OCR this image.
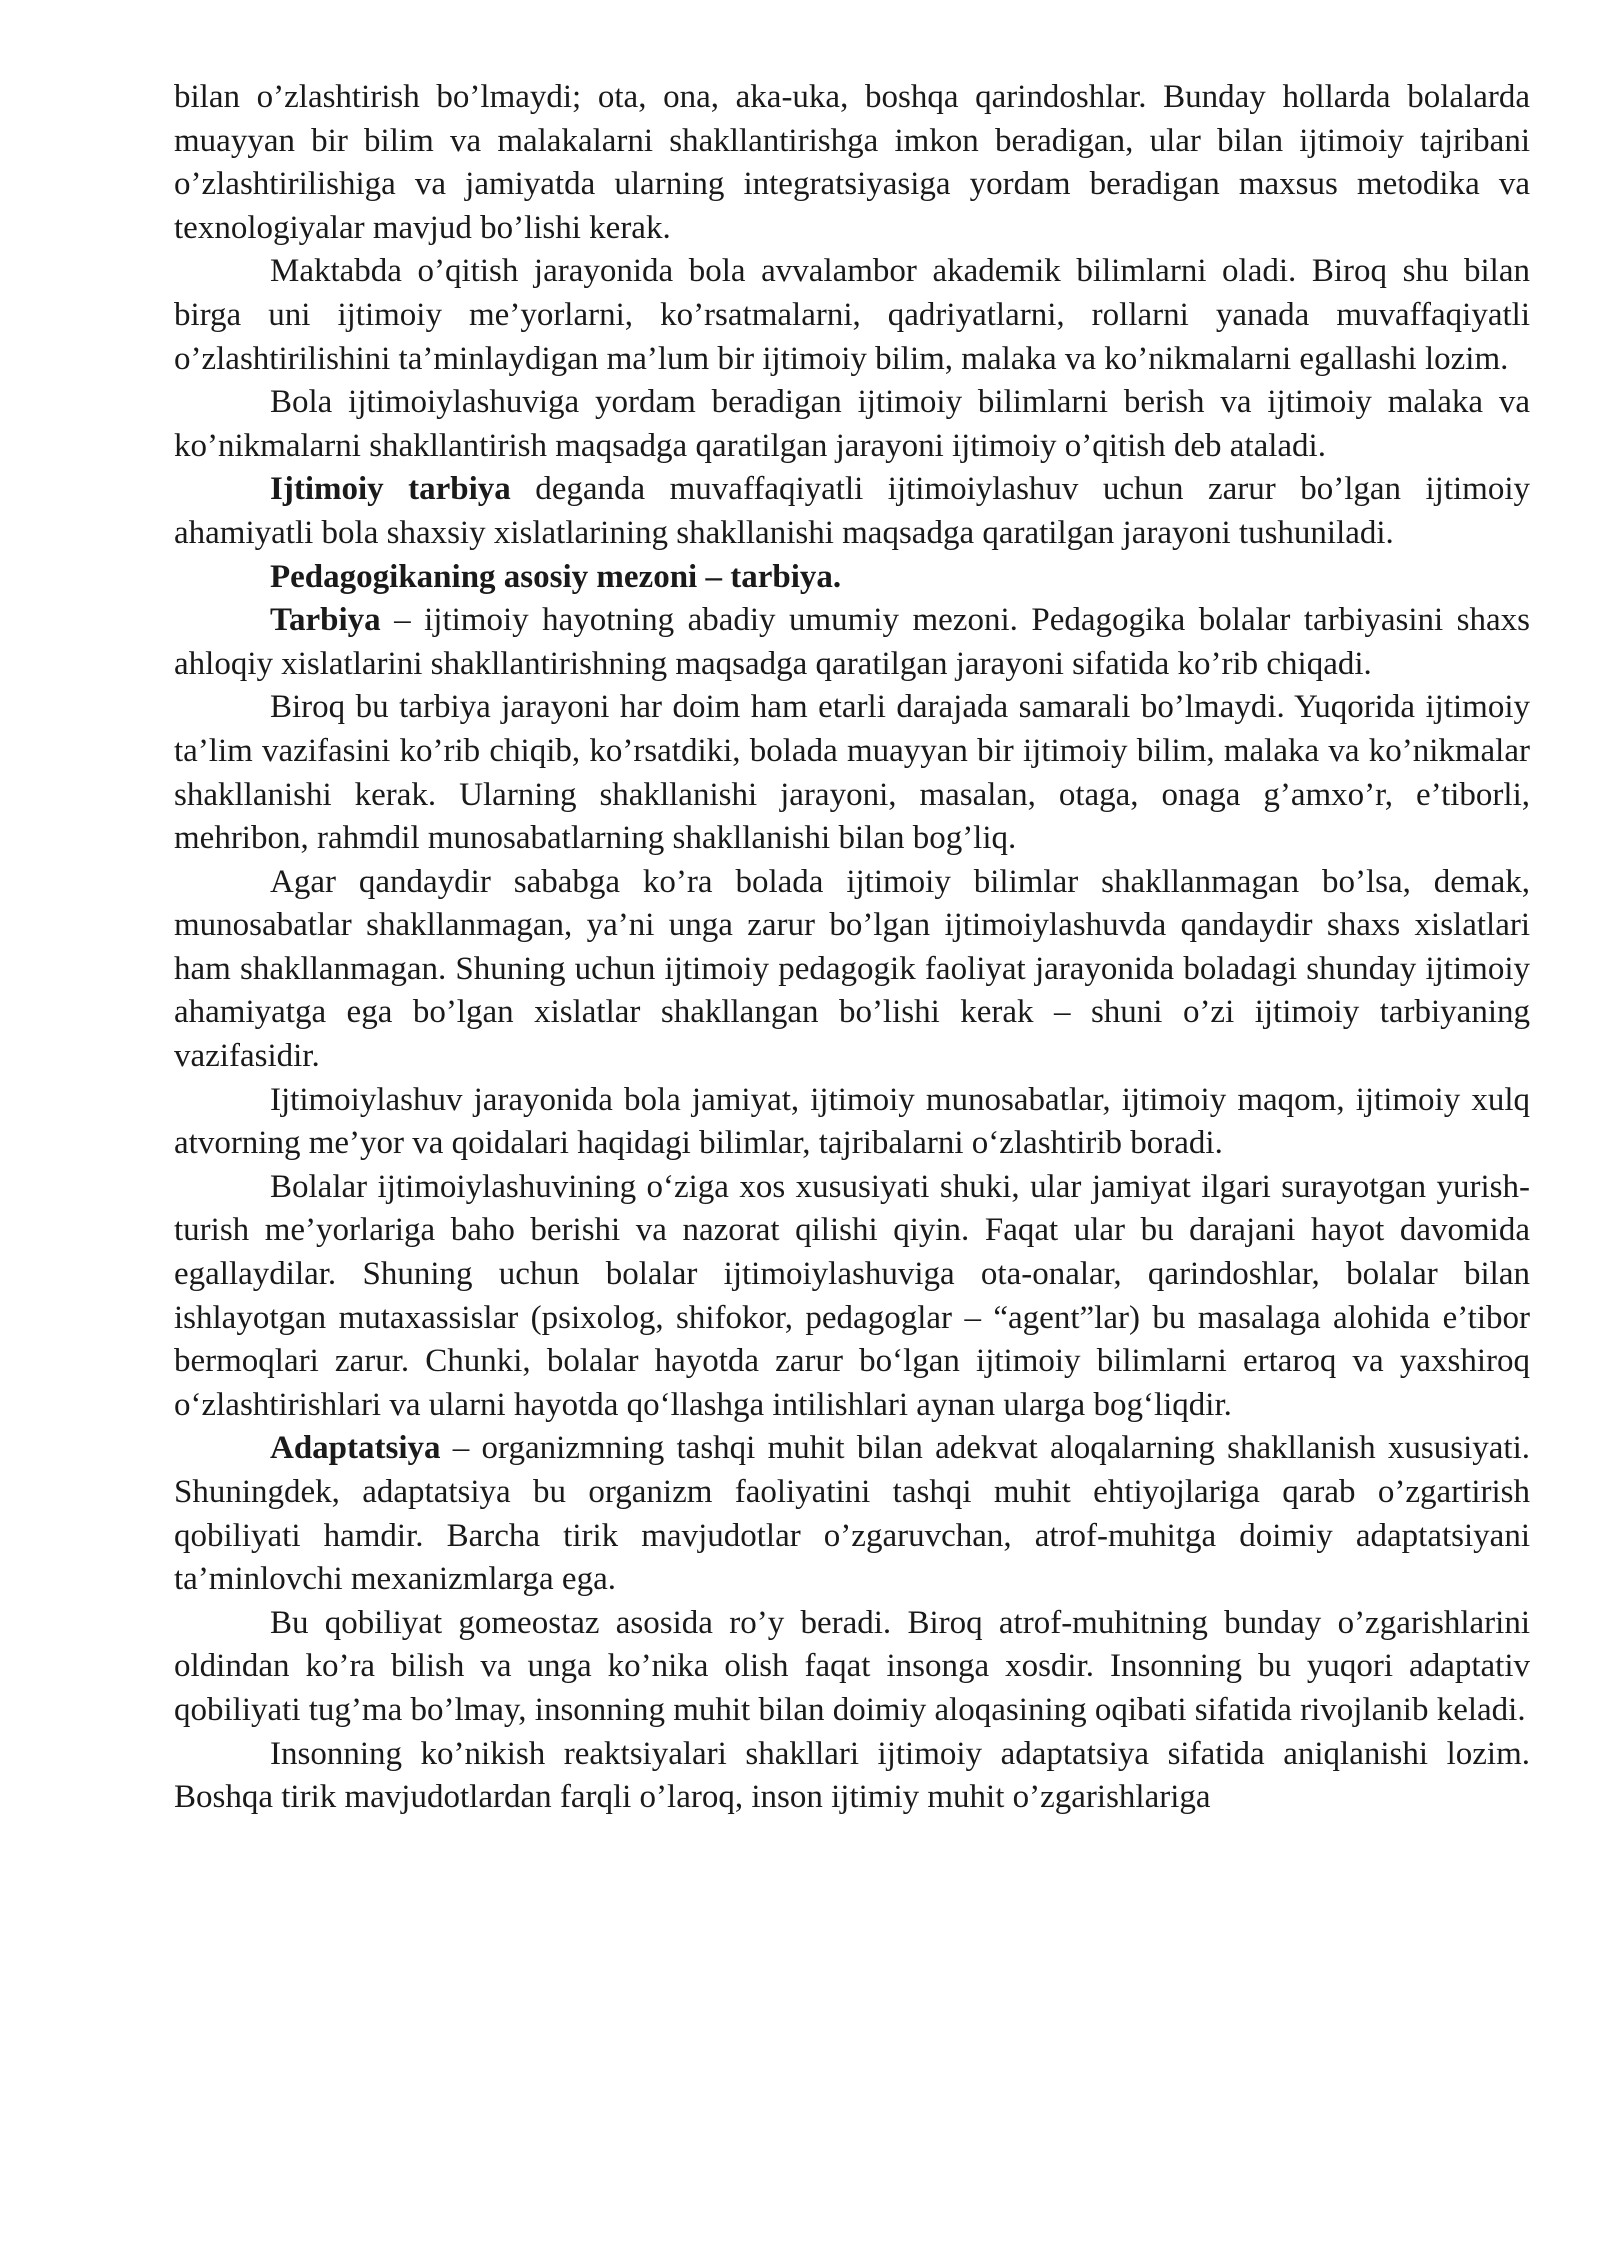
bilan o’zlashtirish bo’lmaydi; ota, ona, aka-uka, boshqa qarindoshlar. Bunday hollarda bolalarda muayyan bir bilim va malakalarni shakllantirishga imkon beradigan, ular bilan ijtimoiy tajribani o’zlashtirilishiga va jamiyatda ularning integratsiyasiga yordam beradigan maxsus metodika va texnologiyalar mavjud bo’lishi kerak.

Maktabda o’qitish jarayonida bola avvalambor akademik bilimlarni oladi. Biroq shu bilan birga uni ijtimoiy me’yorlarni, ko’rsatmalarni, qadriyatlarni, rollarni yanada muvaffaqiyatli o’zlashtirilishini ta’minlaydigan ma’lum bir ijtimoiy bilim, malaka va ko’nikmalarni egallashi lozim.

Bola ijtimoiylashuviga yordam beradigan ijtimoiy bilimlarni berish va ijtimoiy malaka va ko’nikmalarni shakllantirish maqsadga qaratilgan jarayoni ijtimoiy o’qitish deb ataladi.

Ijtimoiy tarbiya deganda muvaffaqiyatli ijtimoiylashuv uchun zarur bo’lgan ijtimoiy ahamiyatli bola shaxsiy xislatlarining shakllanishi maqsadga qaratilgan jarayoni tushuniladi.

Pedagogikaning asosiy mezoni – tarbiya.

Tarbiya – ijtimoiy hayotning abadiy umumiy mezoni. Pedagogika bolalar tarbiyasini shaxs ahloqiy xislatlarini shakllantirishning maqsadga qaratilgan jarayoni sifatida ko’rib chiqadi.

Biroq bu tarbiya jarayoni har doim ham etarli darajada samarali bo’lmaydi. Yuqorida ijtimoiy ta’lim vazifasini ko’rib chiqib, ko’rsatdiki, bolada muayyan bir ijtimoiy bilim, malaka va ko’nikmalar shakllanishi kerak. Ularning shakllanishi jarayoni, masalan, otaga, onaga g’amxo’r, e’tiborli, mehribon, rahmdil munosabatlarning shakllanishi bilan bog’liq.

Agar qandaydir sababga ko’ra bolada ijtimoiy bilimlar shakllanmagan bo’lsa, demak, munosabatlar shakllanmagan, ya’ni unga zarur bo’lgan ijtimoiylashuvda qandaydir shaxs xislatlari ham shakllanmagan. Shuning uchun ijtimoiy pedagogik faoliyat jarayonida boladagi shunday ijtimoiy ahamiyatga ega bo’lgan xislatlar shakllangan bo’lishi kerak – shuni o’zi ijtimoiy tarbiyaning vazifasidir.

Ijtimoiylashuv jarayonida bola jamiyat, ijtimoiy munosabatlar, ijtimoiy maqom, ijtimoiy xulq atvorning me’yor va qoidalari haqidagi bilimlar, tajribalarni o‘zlashtirib boradi.

Bolalar ijtimoiylashuvining o‘ziga xos xususiyati shuki, ular jamiyat ilgari surayotgan yurish-turish me’yorlariga baho berishi va nazorat qilishi qiyin. Faqat ular bu darajani hayot davomida egallaydilar. Shuning uchun bolalar ijtimoiylashuviga ota-onalar, qarindoshlar, bolalar bilan ishlayotgan mutaxassislar (psixolog, shifokor, pedagoglar – “agent”lar) bu masalaga alohida e’tibor bermoqlari zarur. Chunki, bolalar hayotda zarur bo‘lgan ijtimoiy bilimlarni ertaroq va yaxshiroq o‘zlashtirishlari va ularni hayotda qo‘llashga intilishlari aynan ularga bog‘liqdir.

Adaptatsiya – organizmning tashqi muhit bilan adekvat aloqalarning shakllanish xususiyati. Shuningdek, adaptatsiya bu organizm faoliyatini tashqi muhit ehtiyojlariga qarab o’zgartirish qobiliyati hamdir. Barcha tirik mavjudotlar o’zgaruvchan, atrof-muhitga doimiy adaptatsiyani ta’minlovchi mexanizmlarga ega.

Bu qobiliyat gomeostaz asosida ro’y beradi. Biroq atrof-muhitning bunday o’zgarishlarini oldindan ko’ra bilish va unga ko’nika olish faqat insonga xosdir. Insonning bu yuqori adaptativ qobiliyati tug’ma bo’lmay, insonning muhit bilan doimiy aloqasining oqibati sifatida rivojlanib keladi.

Insonning ko’nikish reaktsiyalari shakllari ijtimoiy adaptatsiya sifatida aniqlanishi lozim. Boshqa tirik mavjudotlardan farqli o’laroq, inson ijtimiy muhit o’zgarishlariga
